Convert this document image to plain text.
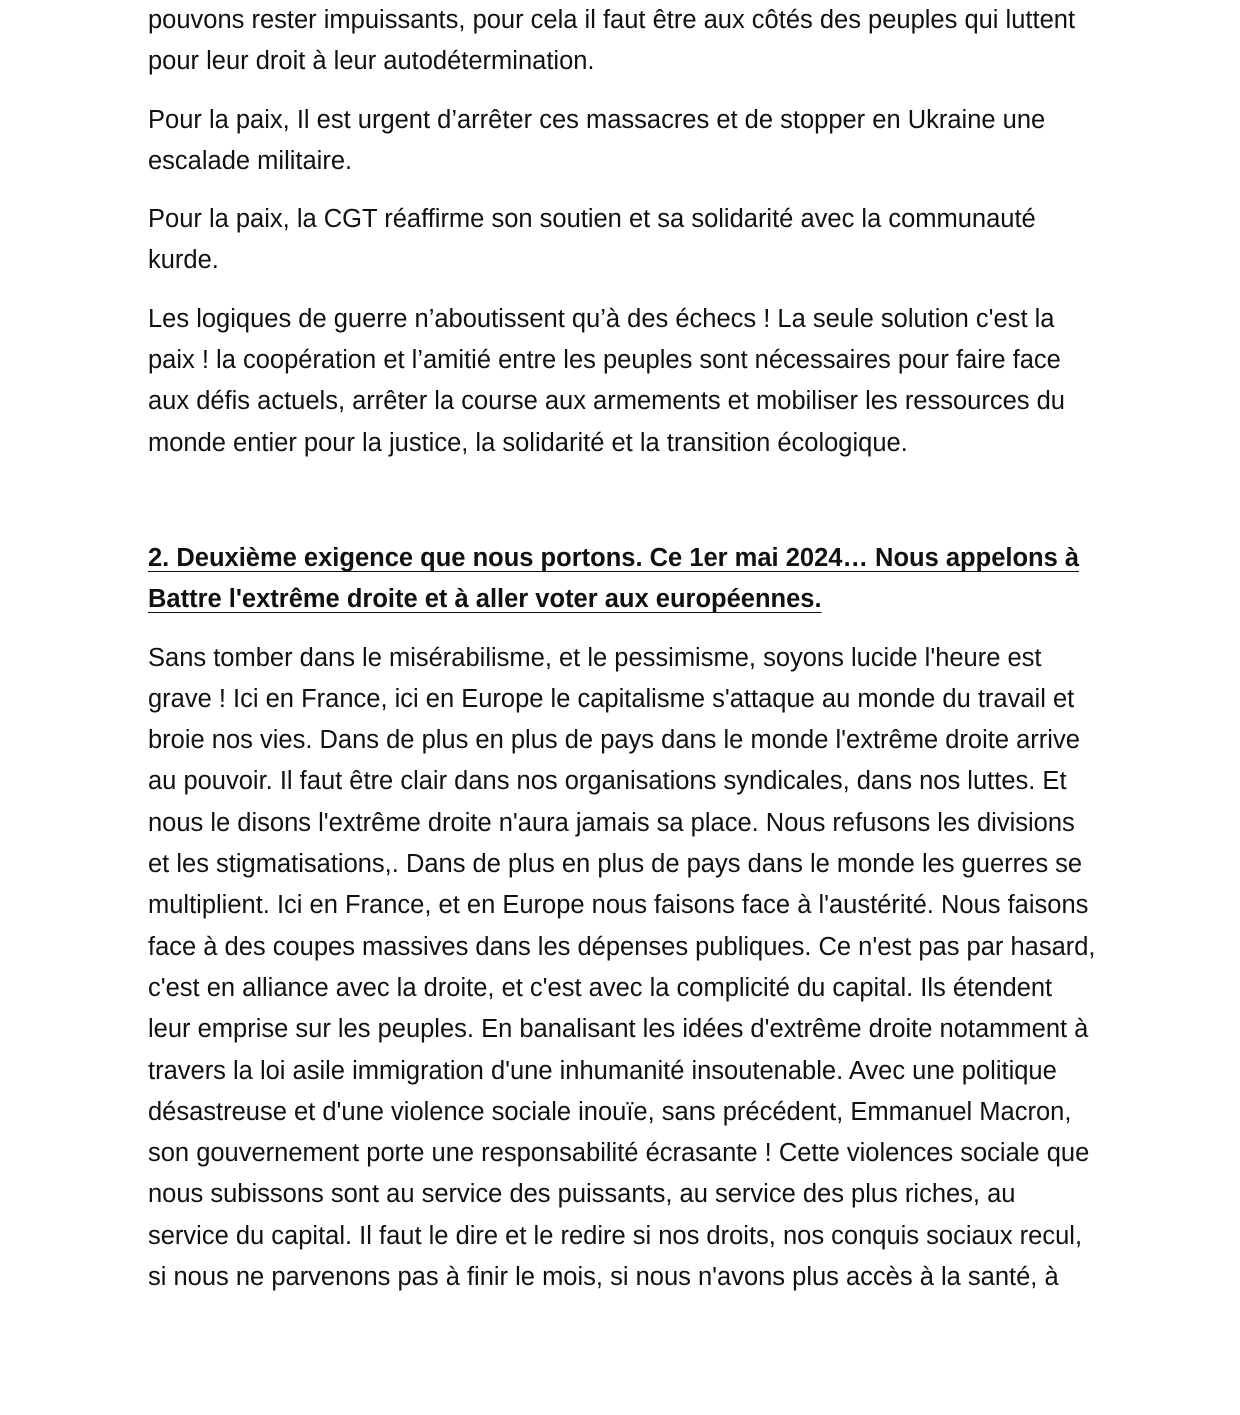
pouvons rester impuissants, pour cela il faut être aux côtés des peuples qui luttent pour leur droit à leur autodétermination.

Pour la paix, Il est urgent d’arrêter ces massacres et de stopper en Ukraine une escalade militaire.

Pour la paix, la CGT réaffirme son soutien et sa solidarité avec la communauté kurde.

Les logiques de guerre n’aboutissent qu’à des échecs ! La seule solution c'est la paix ! la coopération et l’amitié entre les peuples sont nécessaires pour faire face aux défis actuels, arrêter la course aux armements et mobiliser les ressources du monde entier pour la justice, la solidarité et la transition écologique.

2. Deuxième exigence que nous portons. Ce 1er mai 2024… Nous appelons à Battre l'extrême droite et à aller voter aux européennes.

Sans tomber dans le misérabilisme, et le pessimisme, soyons lucide l'heure est grave ! Ici en France, ici en Europe le capitalisme s'attaque au monde du travail et broie nos vies. Dans de plus en plus de pays dans le monde l'extrême droite arrive au pouvoir. Il faut être clair dans nos organisations syndicales, dans nos luttes. Et nous le disons l'extrême droite n'aura jamais sa place. Nous refusons les divisions et les stigmatisations,. Dans de plus en plus de pays dans le monde les guerres se multiplient. Ici en France, et en Europe nous faisons face à l'austérité. Nous faisons face à des coupes massives dans les dépenses publiques. Ce n'est pas par hasard, c'est en alliance avec la droite, et c'est avec la complicité du capital. Ils étendent leur emprise sur les peuples. En banalisant les idées d'extrême droite notamment à travers la loi asile immigration d'une inhumanité insoutenable. Avec une politique désastreuse et d'une violence sociale inouïe, sans précédent, Emmanuel Macron, son gouvernement porte une responsabilité écrasante ! Cette violences sociale que nous subissons sont au service des puissants, au service des plus riches, au service du capital. Il faut le dire et le redire si nos droits, nos conquis sociaux recul, si nous ne parvenons pas à finir le mois, si nous n'avons plus accès à la santé, à
